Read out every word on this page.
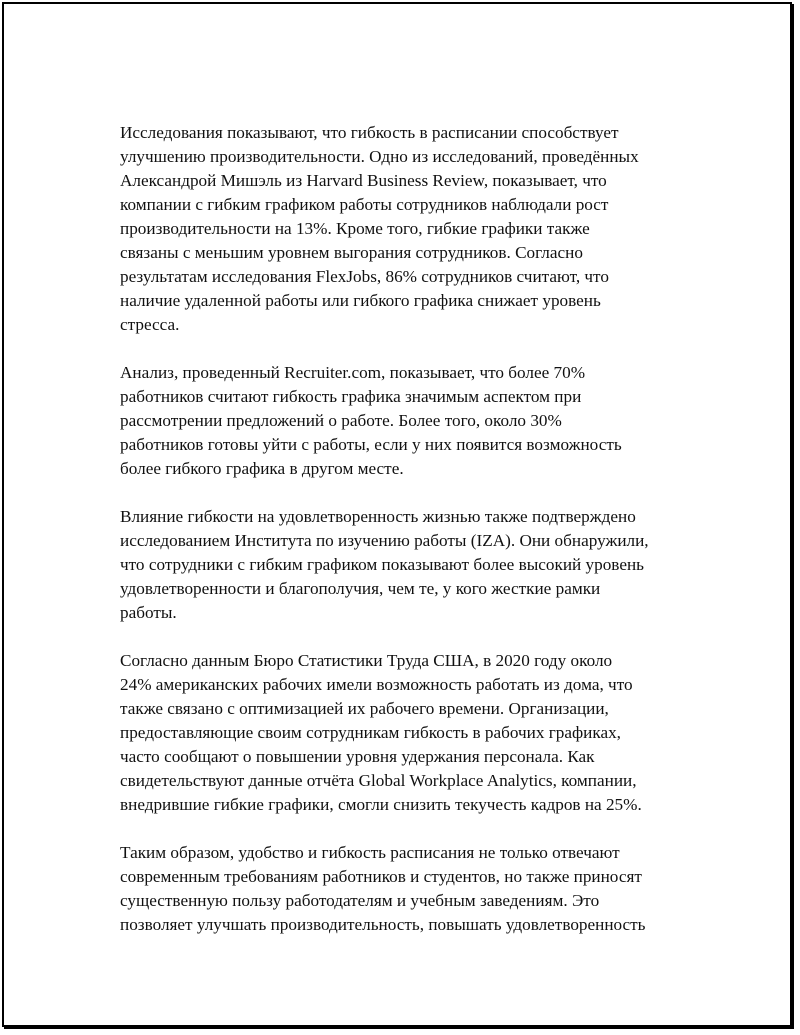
Исследования показывают, что гибкость в расписании способствует
улучшению производительности. Одно из исследований, проведённых
Александрой Мишэль из Harvard Business Review, показывает, что
компании с гибким графиком работы сотрудников наблюдали рост
производительности на 13%. Кроме того, гибкие графики также
связаны с меньшим уровнем выгорания сотрудников. Согласно
результатам исследования FlexJobs, 86% сотрудников считают, что
наличие удаленной работы или гибкого графика снижает уровень
стресса.

Анализ, проведенный Recruiter.com, показывает, что более 70%
работников считают гибкость графика значимым аспектом при
рассмотрении предложений о работе. Более того, около 30%
работников готовы уйти с работы, если у них появится возможность
более гибкого графика в другом месте.

Влияние гибкости на удовлетворенность жизнью также подтверждено
исследованием Института по изучению работы (IZA). Они обнаружили,
что сотрудники с гибким графиком показывают более высокий уровень
удовлетворенности и благополучия, чем те, у кого жесткие рамки
работы.

Согласно данным Бюро Статистики Труда США, в 2020 году около
24% американских рабочих имели возможность работать из дома, что
также связано с оптимизацией их рабочего времени. Организации,
предоставляющие своим сотрудникам гибкость в рабочих графиках,
часто сообщают о повышении уровня удержания персонала. Как
свидетельствуют данные отчёта Global Workplace Analytics, компании,
внедрившие гибкие графики, смогли снизить текучесть кадров на 25%.

Таким образом, удобство и гибкость расписания не только отвечают
современным требованиям работников и студентов, но также приносят
существенную пользу работодателям и учебным заведениям. Это
позволяет улучшать производительность, повышать удовлетворенность
